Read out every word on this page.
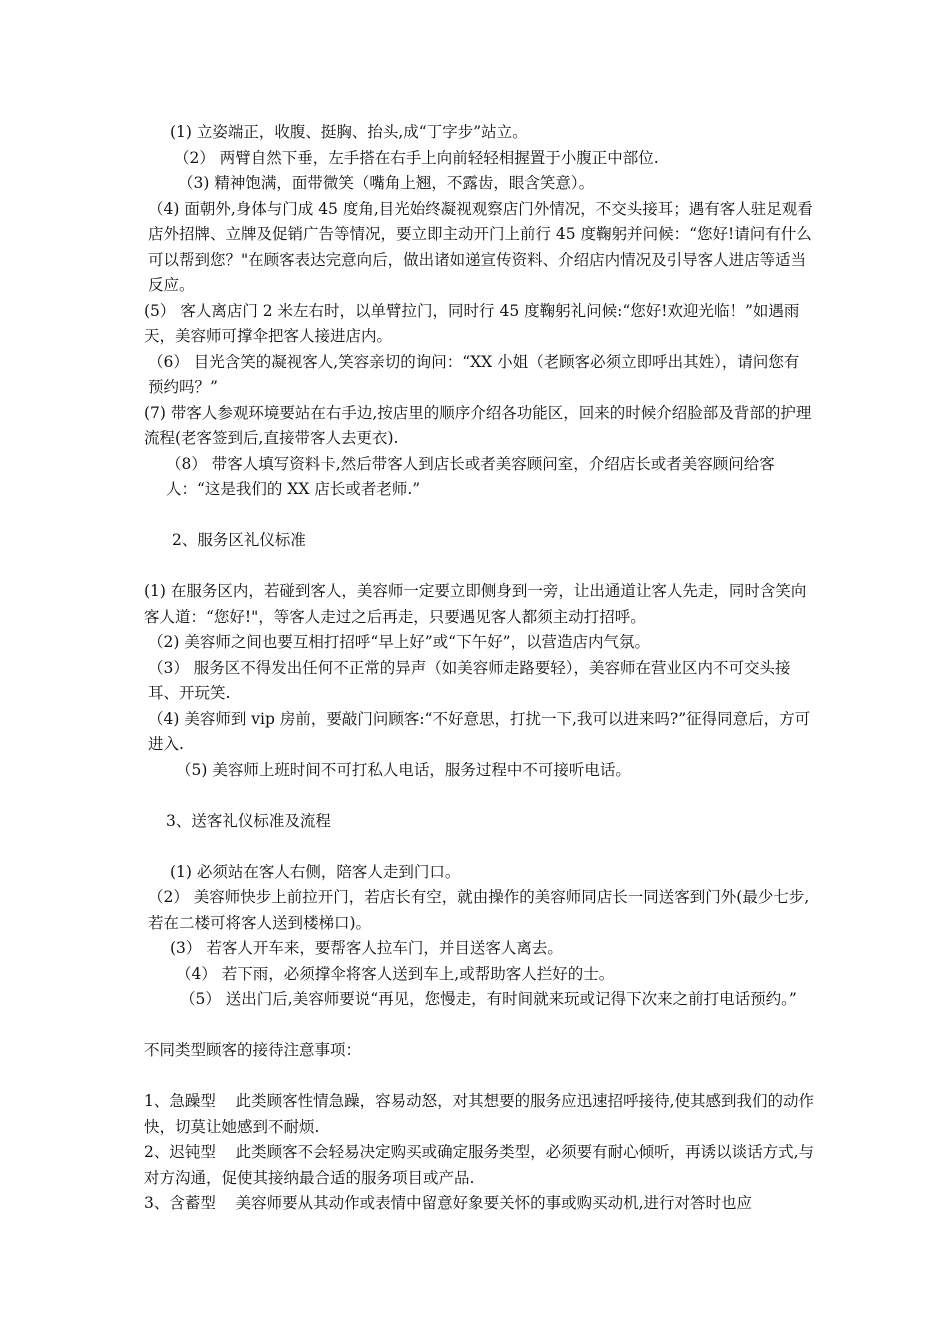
(1) 立姿端正，收腹、挺胸、抬头,成“丁字步”站立。

（2） 两臂自然下垂，左手搭在右手上向前轻轻相握置于小腹正中部位.

（3) 精神饱满，面带微笑（嘴角上翘，不露齿，眼含笑意）。

（4) 面朝外,身体与门成 45 度角,目光始终凝视观察店门外情况，不交头接耳；遇有客人驻足观看店外招牌、立牌及促销广告等情况，要立即主动开门上前行 45 度鞠躬并问候：“您好!请问有什么可以帮到您？"在顾客表达完意向后，做出诸如递宣传资料、介绍店内情况及引导客人进店等适当反应。

(5） 客人离店门 2 米左右时，以单臂拉门，同时行 45 度鞠躬礼问候:“您好!欢迎光临！”如遇雨天，美容师可撑伞把客人接进店内。

（6） 目光含笑的凝视客人,笑容亲切的询问：“XX 小姐（老顾客必须立即呼出其姓），请问您有预约吗？”

(7) 带客人参观环境要站在右手边,按店里的顺序介绍各功能区，回来的时候介绍脸部及背部的护理流程(老客签到后,直接带客人去更衣).

（8） 带客人填写资料卡,然后带客人到店长或者美容顾问室，介绍店长或者美容顾问给客人：“这是我们的 XX 店长或者老师.”

2、服务区礼仪标准

(1) 在服务区内，若碰到客人，美容师一定要立即侧身到一旁，让出通道让客人先走，同时含笑向客人道：“您好!"，等客人走过之后再走，只要遇见客人都须主动打招呼。

（2) 美容师之间也要互相打招呼“早上好”或“下午好”，以营造店内气氛。

（3） 服务区不得发出任何不正常的异声（如美容师走路要轻），美容师在营业区内不可交头接耳、开玩笑.

（4) 美容师到 vip 房前，要敲门问顾客:“不好意思，打扰一下,我可以进来吗?”征得同意后，方可进入.

（5) 美容师上班时间不可打私人电话，服务过程中不可接听电话。

3、送客礼仪标准及流程

(1) 必须站在客人右侧，陪客人走到门口。

（2） 美容师快步上前拉开门，若店长有空，就由操作的美容师同店长一同送客到门外(最少七步,若在二楼可将客人送到楼梯口)。

(3） 若客人开车来，要帮客人拉车门，并目送客人离去。

（4） 若下雨，必须撑伞将客人送到车上,或帮助客人拦好的士。

（5） 送出门后,美容师要说“再见，您慢走，有时间就来玩或记得下次来之前打电话预约。”

不同类型顾客的接待注意事项：

1、急躁型    此类顾客性情急躁，容易动怒，对其想要的服务应迅速招呼接待,使其感到我们的动作快，切莫让她感到不耐烦.

2、迟钝型    此类顾客不会轻易决定购买或确定服务类型，必须要有耐心倾听，再诱以谈话方式,与对方沟通，促使其接纳最合适的服务项目或产品.

3、含蓄型    美容师要从其动作或表情中留意好象要关怀的事或购买动机,进行对答时也应
